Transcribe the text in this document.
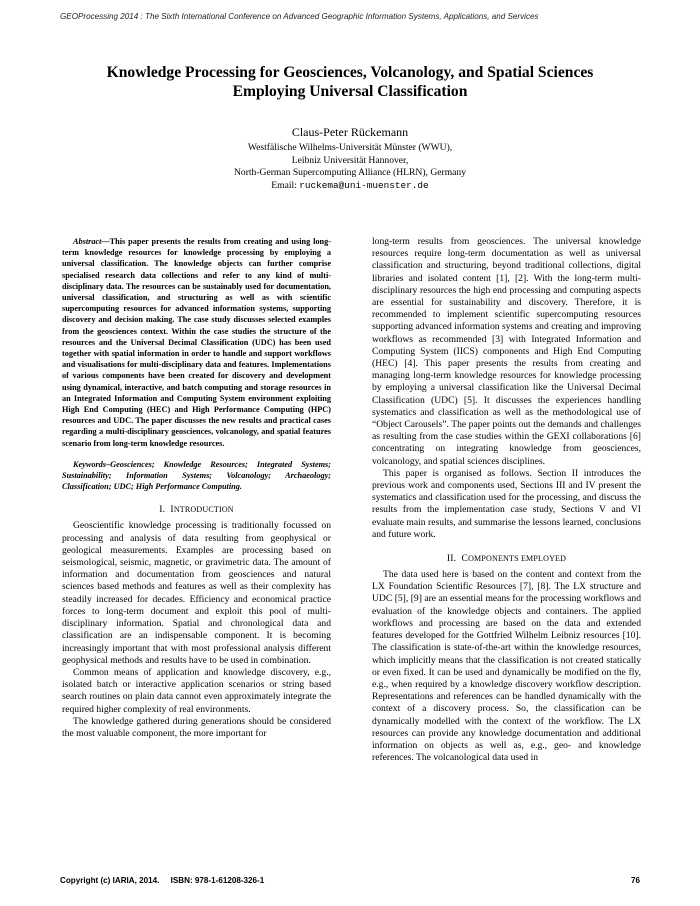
GEOProcessing 2014 : The Sixth International Conference on Advanced Geographic Information Systems, Applications, and Services
Knowledge Processing for Geosciences, Volcanology, and Spatial Sciences
Employing Universal Classification
Claus-Peter Rückemann
Westfälische Wilhelms-Universität Münster (WWU),
Leibniz Universität Hannover,
North-German Supercomputing Alliance (HLRN), Germany
Email: ruckema@uni-muenster.de

Abstract—This paper presents the results from creating and using long-term knowledge resources for knowledge processing by employing a universal classification. The knowledge objects can further comprise specialised research data collections and refer to any kind of multi-disciplinary data. The resources can be sustainably used for documentation, universal classification, and structuring as well as with scientific supercomputing resources for advanced information systems, supporting discovery and decision making. The case study discusses selected examples from the geosciences context. Within the case studies the structure of the resources and the Universal Decimal Classification (UDC) has been used together with spatial information in order to handle and support workflows and visualisations for multi-disciplinary data and features. Implementations of various components have been created for discovery and development using dynamical, interactive, and batch computing and storage resources in an Integrated Information and Computing System environment exploiting High End Computing (HEC) and High Performance Computing (HPC) resources and UDC. The paper discusses the new results and practical cases regarding a multi-disciplinary geosciences, volcanology, and spatial features scenario from long-term knowledge resources.

Keywords–Geosciences; Knowledge Resources; Integrated Systems; Sustainability; Information Systems; Volcanology; Archaeology; Classification; UDC; High Performance Computing.

I. INTRODUCTION

Geoscientific knowledge processing is traditionally focussed on processing and analysis of data resulting from geophysical or geological measurements. Examples are processing based on seismological, seismic, magnetic, or gravimetric data. The amount of information and documentation from geosciences and natural sciences based methods and features as well as their complexity has steadily increased for decades. Efficiency and economical practice forces to long-term document and exploit this pool of multi-disciplinary information. Spatial and chronological data and classification are an indispensable component. It is becoming increasingly important that with most professional analysis different geophysical methods and results have to be used in combination.

Common means of application and knowledge discovery, e.g., isolated batch or interactive application scenarios or string based search routines on plain data cannot even approximately integrate the required higher complexity of real environments.

The knowledge gathered during generations should be considered the most valuable component, the more important for

long-term results from geosciences. The universal knowledge resources require long-term documentation as well as universal classification and structuring, beyond traditional collections, digital libraries and isolated content [1], [2]. With the long-term multi-disciplinary resources the high end processing and computing aspects are essential for sustainability and discovery. Therefore, it is recommended to implement scientific supercomputing resources supporting advanced information systems and creating and improving workflows as recommended [3] with Integrated Information and Computing System (IICS) components and High End Computing (HEC) [4]. This paper presents the results from creating and managing long-term knowledge resources for knowledge processing by employing a universal classification like the Universal Decimal Classification (UDC) [5]. It discusses the experiences handling systematics and classification as well as the methodological use of “Object Carousels”. The paper points out the demands and challenges as resulting from the case studies within the GEXI collaborations [6] concentrating on integrating knowledge from geosciences, volcanology, and spatial sciences disciplines.

This paper is organised as follows. Section II introduces the previous work and components used, Sections III and IV present the systematics and classification used for the processing, and discuss the results from the implementation case study, Sections V and VI evaluate main results, and summarise the lessons learned, conclusions and future work.

II. COMPONENTS EMPLOYED

The data used here is based on the content and context from the LX Foundation Scientific Resources [7], [8]. The LX structure and UDC [5], [9] are an essential means for the processing workflows and evaluation of the knowledge objects and containers. The applied workflows and processing are based on the data and extended features developed for the Gottfried Wilhelm Leibniz resources [10]. The classification is state-of-the-art within the knowledge resources, which implicitly means that the classification is not created statically or even fixed. It can be used and dynamically be modified on the fly, e.g., when required by a knowledge discovery workflow description. Representations and references can be handled dynamically with the context of a discovery process. So, the classification can be dynamically modelled with the context of the workflow. The LX resources can provide any knowledge documentation and additional information on objects as well as, e.g., geo- and knowledge references. The volcanological data used in

Copyright (c) IARIA, 2014. ISBN: 978-1-61208-326-1	76
